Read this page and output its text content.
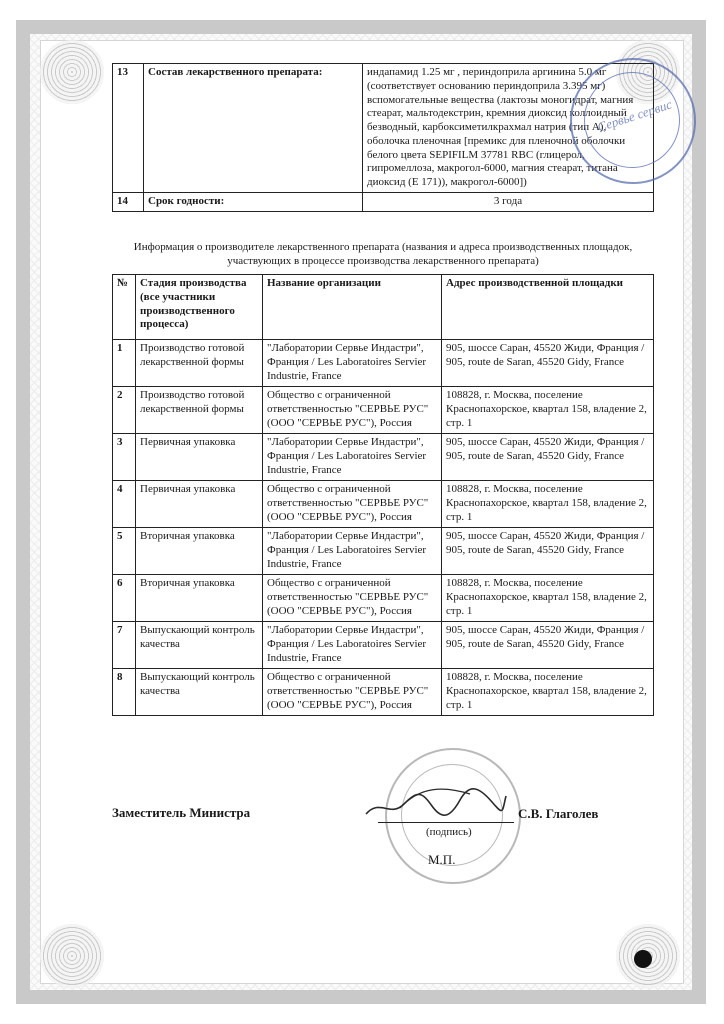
13	Состав лекарственного препарата:	индапамид 1.25 мг , периндоприла аргинина 5.0 мг (соответствует основанию периндоприла 3.395 мг) вспомогательные вещества (лактозы моногидрат, магния стеарат, мальтодекстрин, кремния диоксид коллоидный безводный, карбоксиметилкрахмал натрия (тип А), оболочка пленочная [премикс для пленочной оболочки белого цвета SEPIFILM 37781 RBC (глицерол, гипромеллоза, макрогол-6000, магния стеарат, титана диоксид (Е 171)), макрогол-6000])
14	Срок годности:	3 года
Информация о производителе лекарственного препарата (названия и адреса производственных площадок, участвующих в процессе производства лекарственного препарата)
№	Стадия производства (все участники производственного процесса)	Название организации	Адрес производственной площадки
1	Производство готовой лекарственной формы	"Лаборатории Сервье Индастри", Франция / Les Laboratoires Servier Industrie, France	905, шоссе Саран, 45520 Жиди, Франция / 905, route de Saran, 45520 Gidy, France
2	Производство готовой лекарственной формы	Общество с ограниченной ответственностью "СЕРВЬЕ РУС" (ООО "СЕРВЬЕ РУС"), Россия	108828, г. Москва, поселение Краснопахорское, квартал 158, владение 2, стр. 1
3	Первичная упаковка	"Лаборатории Сервье Индастри", Франция / Les Laboratoires Servier Industrie, France	905, шоссе Саран, 45520 Жиди, Франция / 905, route de Saran, 45520 Gidy, France
4	Первичная упаковка	Общество с ограниченной ответственностью "СЕРВЬЕ РУС" (ООО "СЕРВЬЕ РУС"), Россия	108828, г. Москва, поселение Краснопахорское, квартал 158, владение 2, стр. 1
5	Вторичная упаковка	"Лаборатории Сервье Индастри", Франция / Les Laboratoires Servier Industrie, France	905, шоссе Саран, 45520 Жиди, Франция / 905, route de Saran, 45520 Gidy, France
6	Вторичная упаковка	Общество с ограниченной ответственностью "СЕРВЬЕ РУС" (ООО "СЕРВЬЕ РУС"), Россия	108828, г. Москва, поселение Краснопахорское, квартал 158, владение 2, стр. 1
7	Выпускающий контроль качества	"Лаборатории Сервье Индастри", Франция / Les Laboratoires Servier Industrie, France	905, шоссе Саран, 45520 Жиди, Франция / 905, route de Saran, 45520 Gidy, France
8	Выпускающий контроль качества	Общество с ограниченной ответственностью "СЕРВЬЕ РУС" (ООО "СЕРВЬЕ РУС"), Россия	108828, г. Москва, поселение Краснопахорское, квартал 158, владение 2, стр. 1
Сервье сервис
Заместитель Министра	С.В. Глаголев
(подпись)
М.П.
